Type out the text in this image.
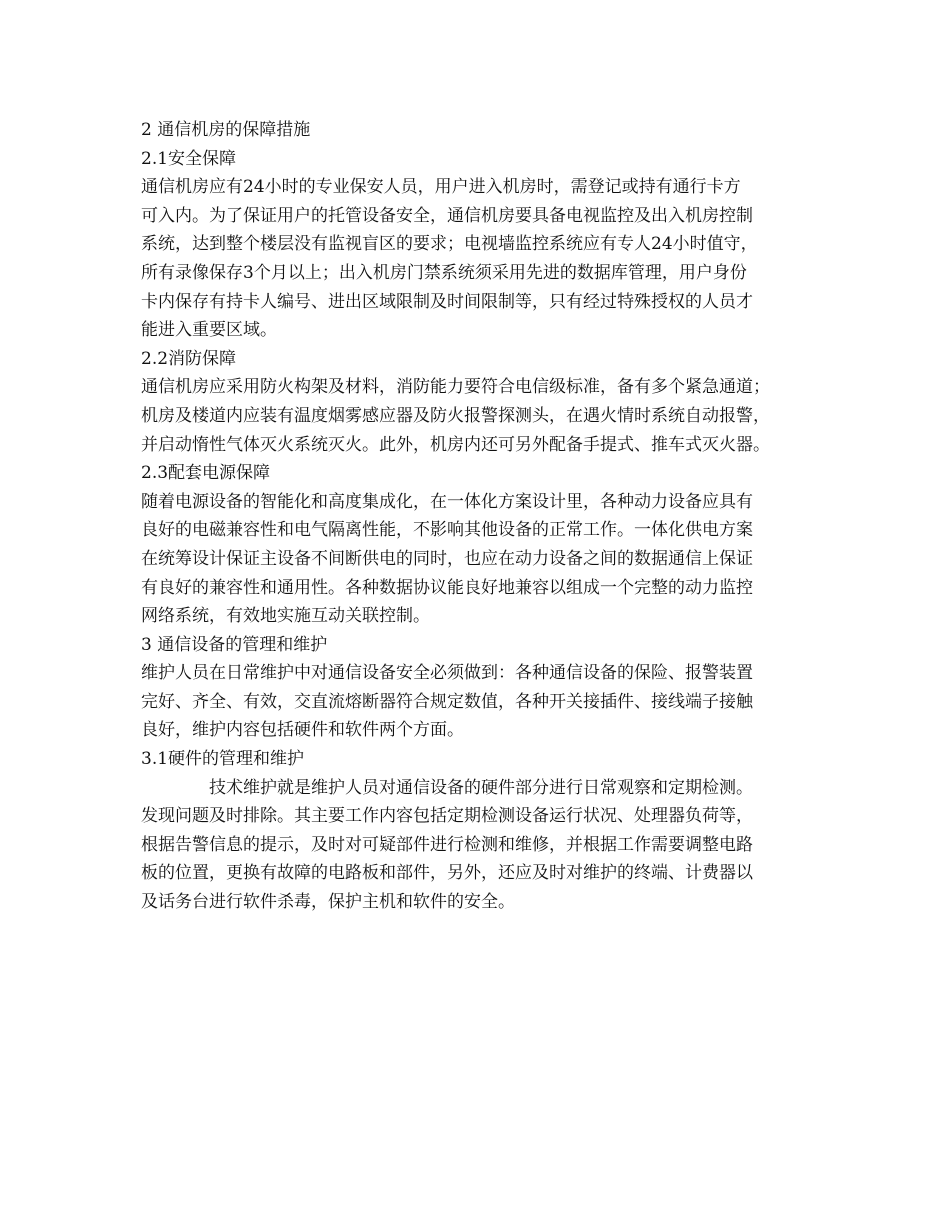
2 通信机房的保障措施

2.1安全保障

通信机房应有24小时的专业保安人员，用户进入机房时，需登记或持有通行卡方

可入内。为了保证用户的托管设备安全，通信机房要具备电视监控及出入机房控制

系统，达到整个楼层没有监视盲区的要求；电视墙监控系统应有专人24小时值守，

所有录像保存3个月以上；出入机房门禁系统须采用先进的数据库管理，用户身份

卡内保存有持卡人编号、进出区域限制及时间限制等，只有经过特殊授权的人员才

能进入重要区域。

2.2消防保障

通信机房应采用防火构架及材料，消防能力要符合电信级标准，备有多个紧急通道；

机房及楼道内应装有温度烟雾感应器及防火报警探测头，在遇火情时系统自动报警，

并启动惰性气体灭火系统灭火。此外，机房内还可另外配备手提式、推车式灭火器。

2.3配套电源保障

随着电源设备的智能化和高度集成化，在一体化方案设计里，各种动力设备应具有

良好的电磁兼容性和电气隔离性能，不影响其他设备的正常工作。一体化供电方案

在统筹设计保证主设备不间断供电的同时，也应在动力设备之间的数据通信上保证

有良好的兼容性和通用性。各种数据协议能良好地兼容以组成一个完整的动力监控

网络系统，有效地实施互动关联控制。

3 通信设备的管理和维护

维护人员在日常维护中对通信设备安全必须做到：各种通信设备的保险、报警装置

完好、齐全、有效，交直流熔断器符合规定数值，各种开关接插件、接线端子接触

良好，维护内容包括硬件和软件两个方面。

3.1硬件的管理和维护

技术维护就是维护人员对通信设备的硬件部分进行日常观察和定期检测。

发现问题及时排除。其主要工作内容包括定期检测设备运行状况、处理器负荷等，

根据告警信息的提示，及时对可疑部件进行检测和维修，并根据工作需要调整电路

板的位置，更换有故障的电路板和部件，另外，还应及时对维护的终端、计费器以

及话务台进行软件杀毒，保护主机和软件的安全。
